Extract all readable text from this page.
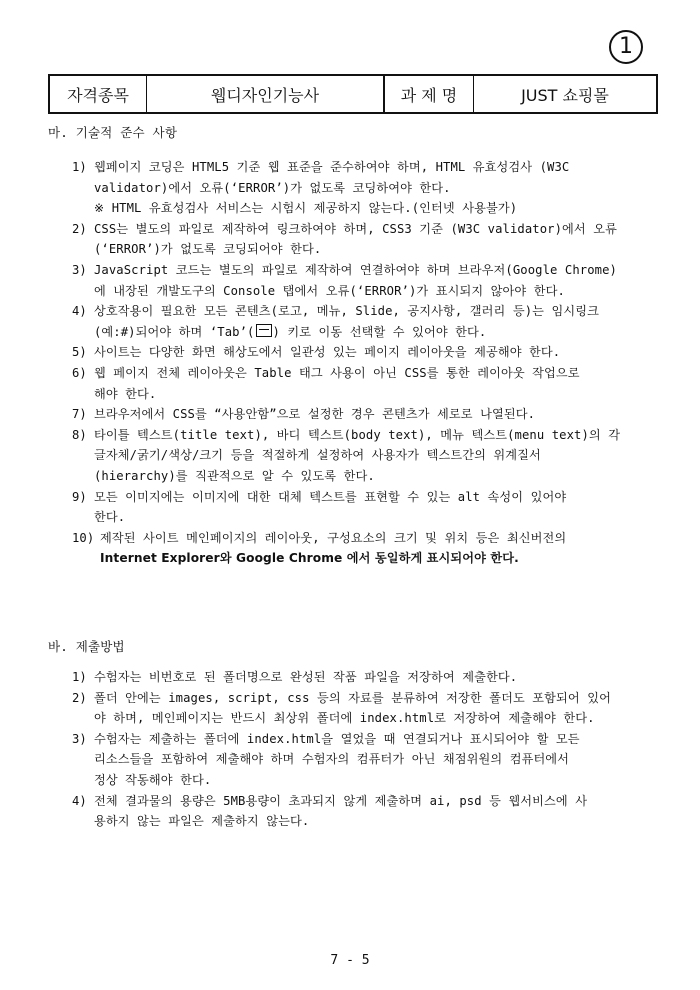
1
자격종목	웹디자인기능사	과 제 명	JUST 쇼핑몰
마. 기술적 준수 사항
1) 웹페이지 코딩은 HTML5 기준 웹 표준을 준수하여야 하며, HTML 유효성검사 (W3C
validator)에서 오류(‘ERROR’)가 없도록 코딩하여야 한다.
※ HTML 유효성검사 서비스는 시험시 제공하지 않는다.(인터넷 사용불가)
2) CSS는 별도의 파일로 제작하여 링크하여야 하며, CSS3 기준 (W3C validator)에서 오류
(‘ERROR’)가 없도록 코딩되어야 한다.
3) JavaScript 코드는 별도의 파일로 제작하여 연결하여야 하며 브라우저(Google Chrome)
에 내장된 개발도구의 Console 탭에서 오류(‘ERROR’)가 표시되지 않아야 한다.
4) 상호작용이 필요한 모든 콘텐츠(로고, 메뉴, Slide, 공지사항, 갤러리 등)는 임시링크
(예:#)되어야 하며 ‘Tab’( ) 키로 이동 선택할 수 있어야 한다.
5) 사이트는 다양한 화면 해상도에서 일관성 있는 페이지 레이아웃을 제공해야 한다.
6) 웹 페이지 전체 레이아웃은 Table 태그 사용이 아닌 CSS를 통한 레이아웃 작업으로
해야 한다.
7) 브라우저에서 CSS를 “사용안함”으로 설정한 경우 콘텐츠가 세로로 나열된다.
8) 타이틀 텍스트(title text), 바디 텍스트(body text), 메뉴 텍스트(menu text)의 각
글자체/굵기/색상/크기 등을 적절하게 설정하여 사용자가 텍스트간의 위계질서
(hierarchy)를 직관적으로 알 수 있도록 한다.
9) 모든 이미지에는 이미지에 대한 대체 텍스트를 표현할 수 있는 alt 속성이 있어야
한다.
10) 제작된 사이트 메인페이지의 레이아웃, 구성요소의 크기 및 위치 등은 최신버전의
Internet Explorer와 Google Chrome 에서 동일하게 표시되어야 한다.
바. 제출방법
1) 수험자는 비번호로 된 폴더명으로 완성된 작품 파일을 저장하여 제출한다.
2) 폴더 안에는 images, script, css 등의 자료를 분류하여 저장한 폴더도 포함되어 있어
야 하며, 메인페이지는 반드시 최상위 폴더에 index.html로 저장하여 제출해야 한다.
3) 수험자는 제출하는 폴더에 index.html을 열었을 때 연결되거나 표시되어야 할 모든
리소스들을 포함하여 제출해야 하며 수험자의 컴퓨터가 아닌 채점위원의 컴퓨터에서
정상 작동해야 한다.
4) 전체 결과물의 용량은 5MB용량이 초과되지 않게 제출하며 ai, psd 등 웹서비스에 사
용하지 않는 파일은 제출하지 않는다.
7 - 5
